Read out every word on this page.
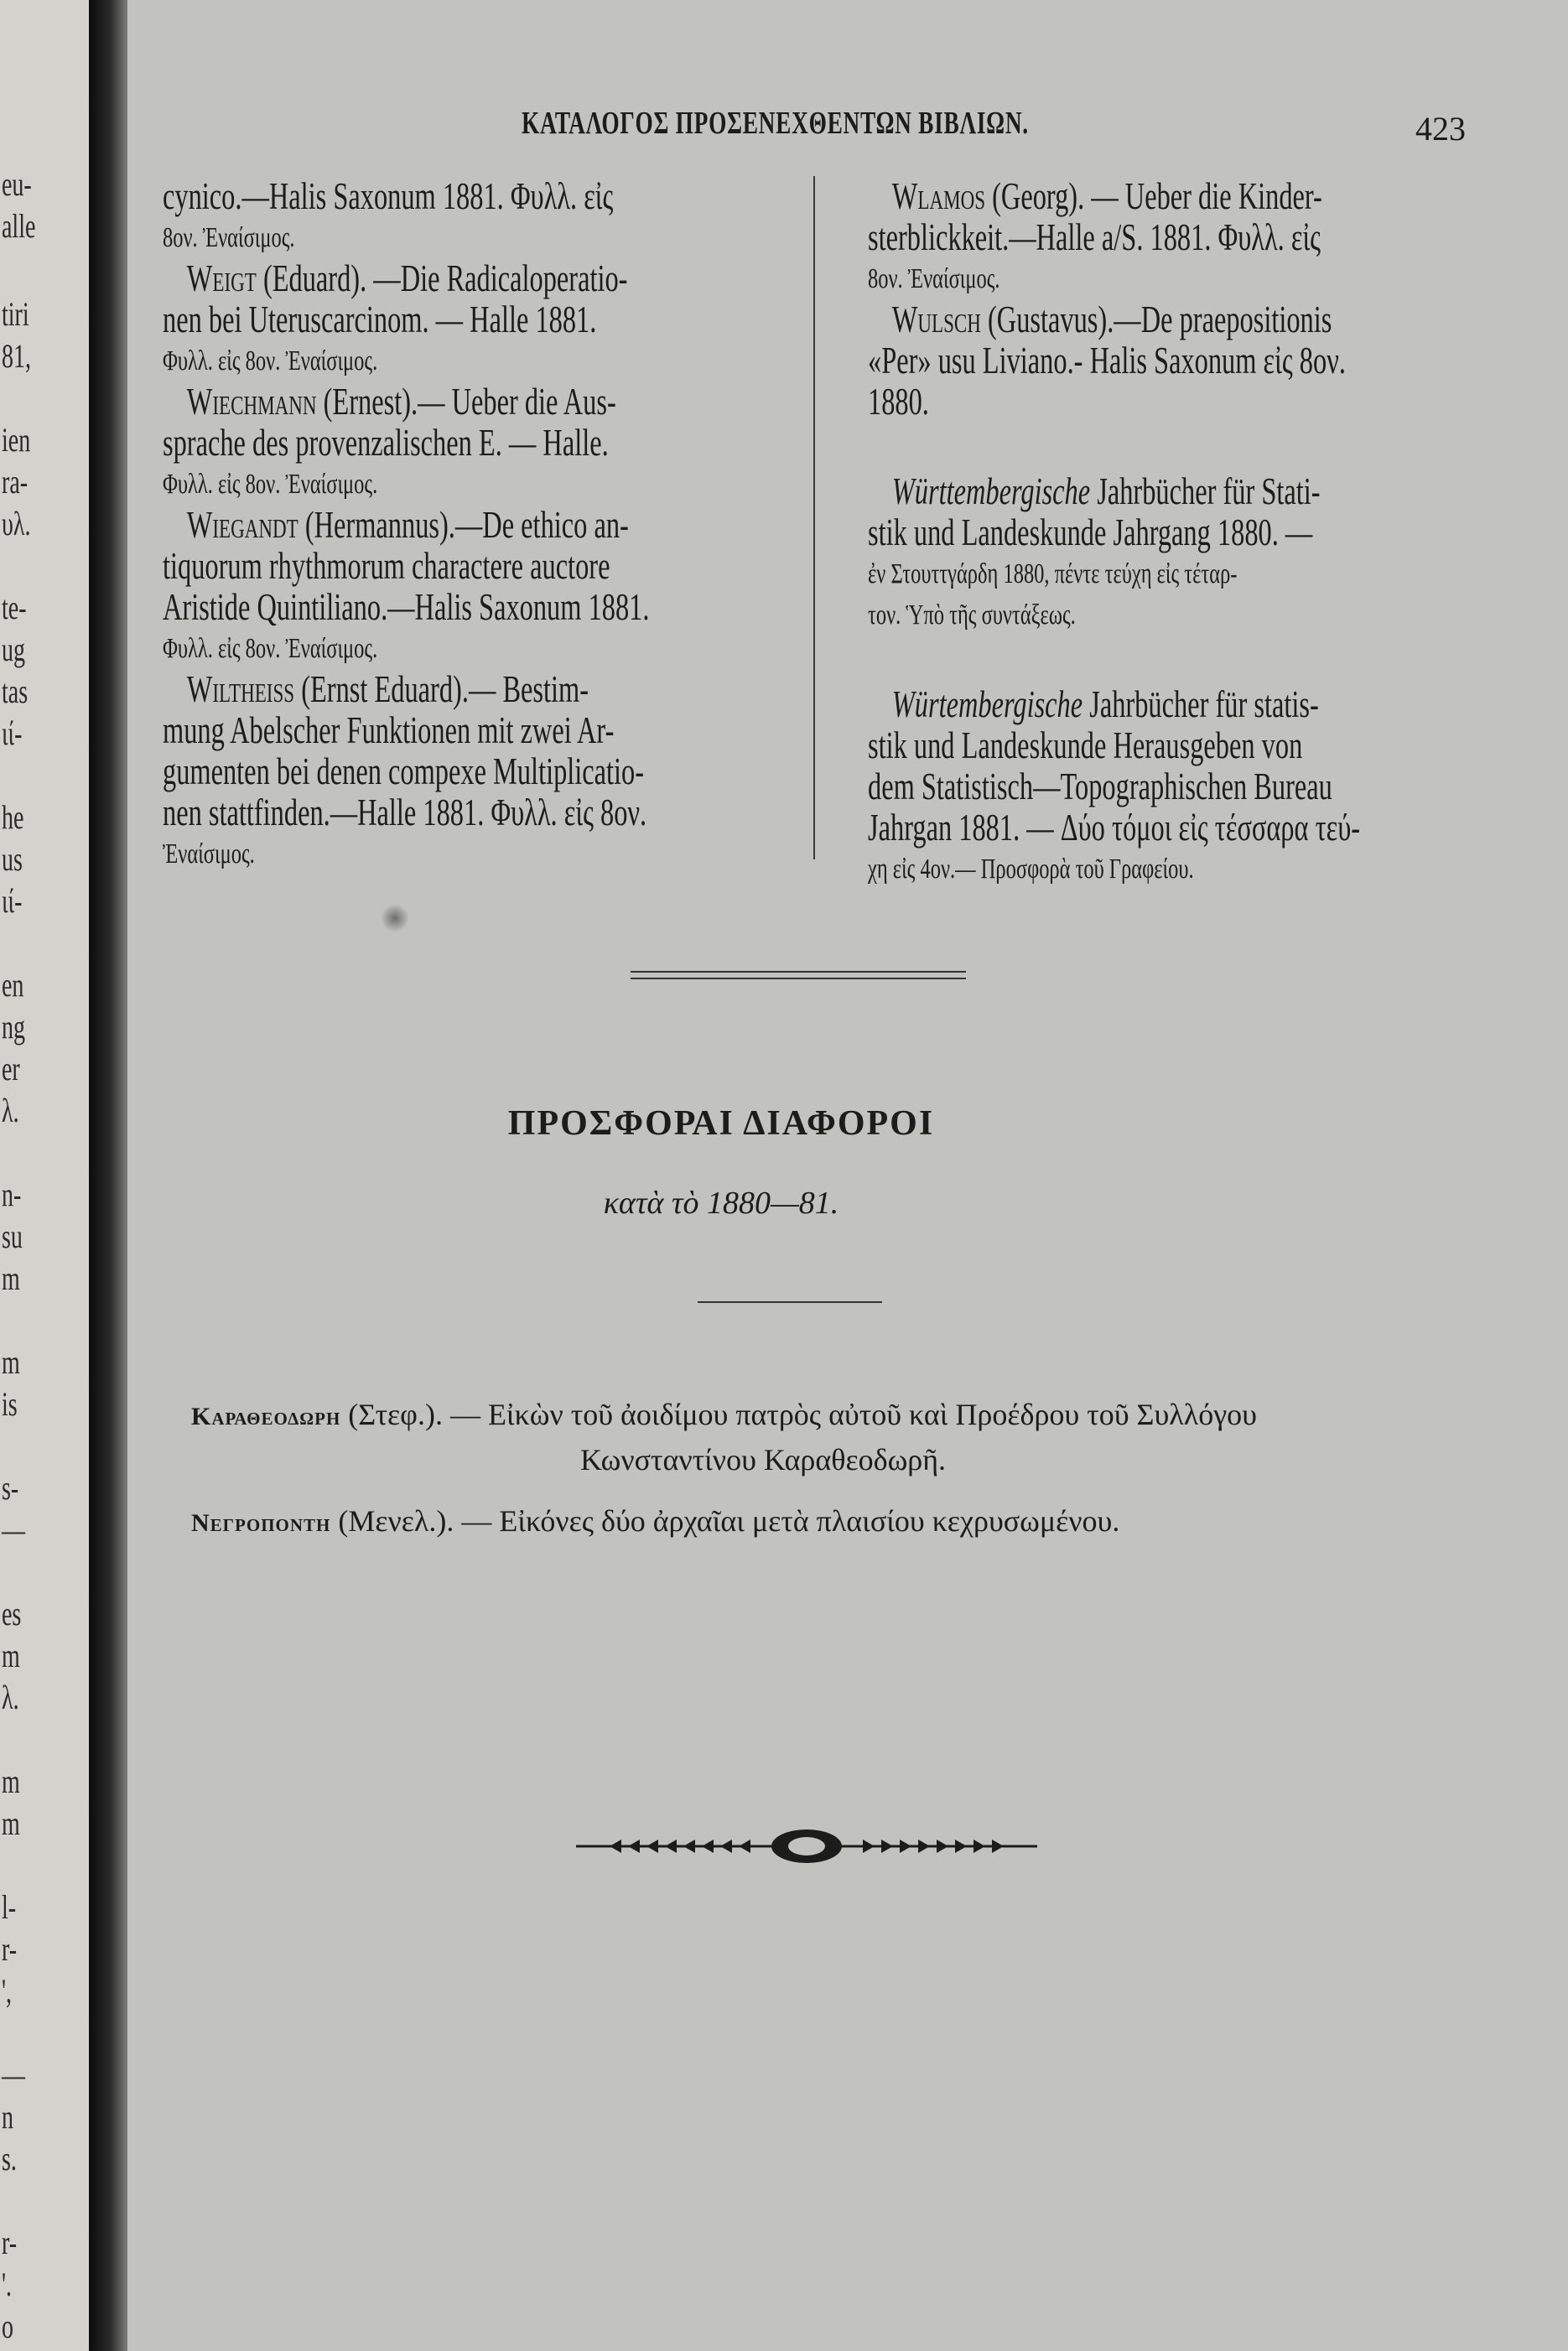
eu-
alle
tiri
81,
ien
ra-
υλ.
te-
ug
tas
ιί-
he
us
ιί-
en
ng
er
λ.
n-
su
m
m
is
s-
—
es
m
λ.
m
m
l-
r-
',
—
n
s.
r-
'.
o
ΚΑΤΑΛΟΓΟΣ ΠΡΟΣΕΝΕΧΘΕΝΤΩΝ ΒΙΒΛΙΩΝ.	423
cynico.—Halis Saxonum 1881. Φυλλ. εἰς
8ον. Ἐναίσιμος.
Weigt (Eduard). —Die Radicaloperatio-
nen bei Uteruscarcinom. — Halle 1881.
Φυλλ. εἰς 8ον. Ἐναίσιμος.
Wiechmann (Ernest).— Ueber die Aus-
sprache des provenzalischen E. — Halle.
Φυλλ. εἰς 8ον. Ἐναίσιμος.
Wiegandt (Hermannus).—De ethico an-
tiquorum rhythmorum charactere auctore
Aristide Quintiliano.—Halis Saxonum 1881.
Φυλλ. εἰς 8ον. Ἐναίσιμος.
Wiltheiss (Ernst Eduard).— Bestim-
mung Abelscher Funktionen mit zwei Ar-
gumenten bei denen compexe Multiplicatio-
nen stattfinden.—Halle 1881. Φυλλ. εἰς 8ον.
Ἐναίσιμος.
Wlamos (Georg). — Ueber die Kinder-
sterblickkeit.—Halle a/S. 1881. Φυλλ. εἰς
8ον. Ἐναίσιμος.
Wulsch (Gustavus).—De praepositionis
«Per» usu Liviano.- Halis Saxonum εἰς 8ον.
1880.
Württembergische Jahrbücher für Stati-
stik und Landeskunde Jahrgang 1880. —
ἐν Στουττγάρδη 1880, πέντε τεύχη εἰς τέταρ-
τον. Ὑπὸ τῆς συντάξεως.
Würtembergische Jahrbücher für statis-
stik und Landeskunde Herausgeben von
dem Statistisch—Topographischen Bureau
Jahrgan 1881. — Δύο τόμοι εἰς τέσσαρα τεύ-
χη εἰς 4ον.— Προσφορὰ τοῦ Γραφείου.
ΠΡΟΣΦΟΡΑΙ ΔΙΑΦΟΡΟΙ
κατὰ τὸ 1880—81.
Καραθεοδωρη (Στεφ.). — Εἰκὼν τοῦ ἀοιδίμου πατρὸς αὐτοῦ καὶ Προέδρου τοῦ Συλλόγου
Κωνσταντίνου Καραθεοδωρῆ.
Νεγροποντη (Μενελ.). — Εἰκόνες δύο ἀρχαῖαι μετὰ πλαισίου κεχρυσωμένου.
